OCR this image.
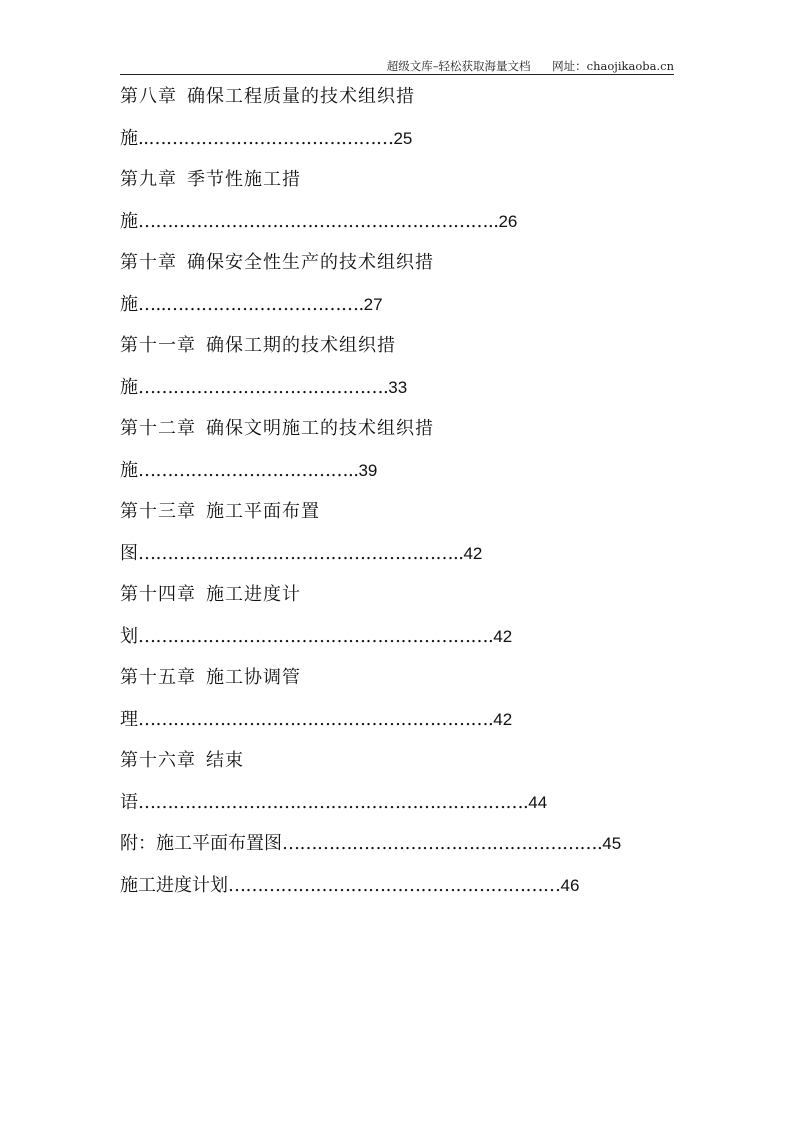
超级文库–轻松获取海量文档 网址：chaojikaoba.cn
第八章 确保工程质量的技术组织措
施..……………………………………25
第九章 季节性施工措
施……………………………………………………..26
第十章 确保安全性生产的技术组织措
施…..…………………………….27
第十一章 确保工期的技术组织措
施…………………………………….33
第十二章 确保文明施工的技术组织措
施………………………………..39
第十三章 施工平面布置
图………………………………………………..42
第十四章 施工进度计
划…………………………………………………….42
第十五章 施工协调管
理…………………………………………………….42
第十六章 结束
语………………………………………………………….44
附：施工平面布置图……………………………………………….45
施工进度计划…………………………………………………46
